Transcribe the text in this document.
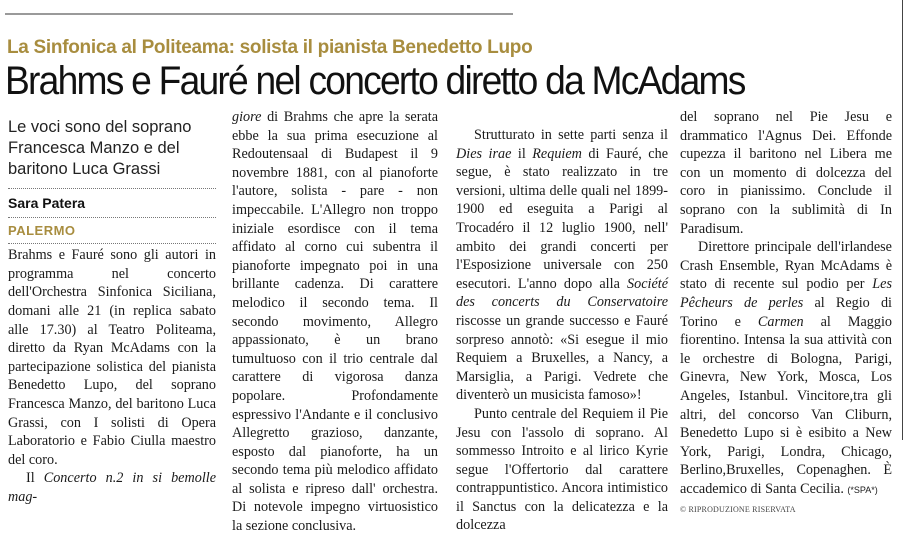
La Sinfonica al Politeama: solista il pianista Benedetto Lupo
Brahms e Fauré nel concerto diretto da McAdams
Le voci sono del soprano Francesca Manzo e del baritono Luca Grassi
Sara Patera
PALERMO

Brahms e Fauré sono gli autori in programma nel concerto dell'Orchestra Sinfonica Siciliana, domani alle 21 (in replica sabato alle 17.30) al Teatro Politeama, diretto da Ryan McAdams con la partecipazione solistica del pianista Benedetto Lupo, del soprano Francesca Manzo, del baritono Luca Grassi, con I solisti di Opera Laboratorio e Fabio Ciulla maestro del coro.

Il Concerto n.2 in si bemolle mag-

giore di Brahms che apre la serata ebbe la sua prima esecuzione al Redoutensaal di Budapest il 9 novembre 1881, con al pianoforte l'autore, solista - pare - non impeccabile. L'Allegro non troppo iniziale esordisce con il tema affidato al corno cui subentra il pianoforte impegnato poi in una brillante cadenza. Di carattere melodico il secondo tema. Il secondo movimento, Allegro appassionato, è un brano tumultuoso con il trio centrale dal carattere di vigorosa danza popolare. Profondamente espressivo l'Andante e il conclusivo Allegretto grazioso, danzante, esposto dal pianoforte, ha un secondo tema più melodico affidato al solista e ripreso dall' orchestra. Di notevole impegno virtuosistico la sezione conclusiva.

Strutturato in sette parti senza il Dies irae il Requiem di Fauré, che segue, è stato realizzato in tre versioni, ultima delle quali nel 1899-1900 ed eseguita a Parigi al Trocadéro il 12 luglio 1900, nell' ambito dei grandi concerti per l'Esposizione universale con 250 esecutori. L'anno dopo alla Société des concerts du Conservatoire riscosse un grande successo e Fauré sorpreso annotò: «Si esegue il mio Requiem a Bruxelles, a Nancy, a Marsiglia, a Parigi. Vedrete che diventerò un musicista famoso»!

Punto centrale del Requiem il Pie Jesu con l'assolo di soprano. Al sommesso Introito e al lirico Kyrie segue l'Offertorio dal carattere contrappuntistico. Ancora intimistico il Sanctus con la delicatezza e la dolcezza

del soprano nel Pie Jesu e drammatico l'Agnus Dei. Effonde cupezza il baritono nel Libera me con un momento di dolcezza del coro in pianissimo. Conclude il soprano con la sublimità di In Paradisum.

Direttore principale dell'irlandese Crash Ensemble, Ryan McAdams è stato di recente sul podio per Les Pêcheurs de perles al Regio di Torino e Carmen al Maggio fiorentino. Intensa la sua attività con le orchestre di Bologna, Parigi, Ginevra, New York, Mosca, Los Angeles, Istanbul. Vincitore,tra gli altri, del concorso Van Cliburn, Benedetto Lupo si è esibito a New York, Parigi, Londra, Chicago, Berlino,Bruxelles, Copenaghen. È accademico di Santa Cecilia. (*SPA*)

© RIPRODUZIONE RISERVATA
